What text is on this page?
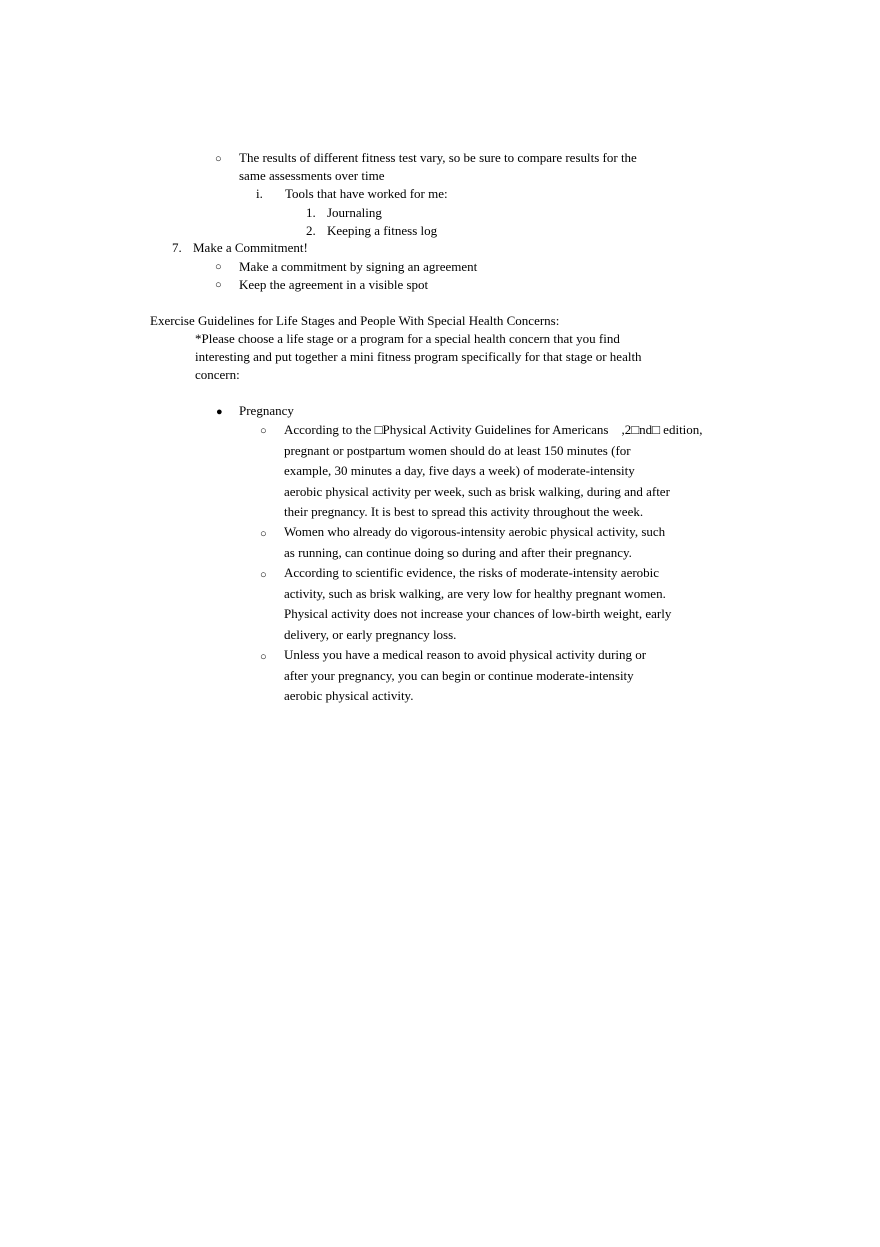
○ The results of different fitness test vary, so be sure to compare results for the
same assessments over time
i. Tools that have worked for me:
1. Journaling
2. Keeping a fitness log
7. Make a Commitment!
○ Make a commitment by signing an agreement
○ Keep the agreement in a visible spot
Exercise Guidelines for Life Stages and People With Special Health Concerns:
*Please choose a life stage or a program for a special health concern that you find
interesting and put together a mini fitness program specifically for that stage or health
concern:
● Pregnancy
○ According to the □Physical Activity Guidelines for Americans    ,2□nd□ edition,
pregnant or postpartum women should do at least 150 minutes (for
example, 30 minutes a day, five days a week) of moderate-intensity
aerobic physical activity per week, such as brisk walking, during and after
their pregnancy. It is best to spread this activity throughout the week.
○ Women who already do vigorous-intensity aerobic physical activity, such
as running, can continue doing so during and after their pregnancy.
○ According to scientific evidence, the risks of moderate-intensity aerobic
activity, such as brisk walking, are very low for healthy pregnant women.
Physical activity does not increase your chances of low-birth weight, early
delivery, or early pregnancy loss.
○ Unless you have a medical reason to avoid physical activity during or
after your pregnancy, you can begin or continue moderate-intensity
aerobic physical activity.
